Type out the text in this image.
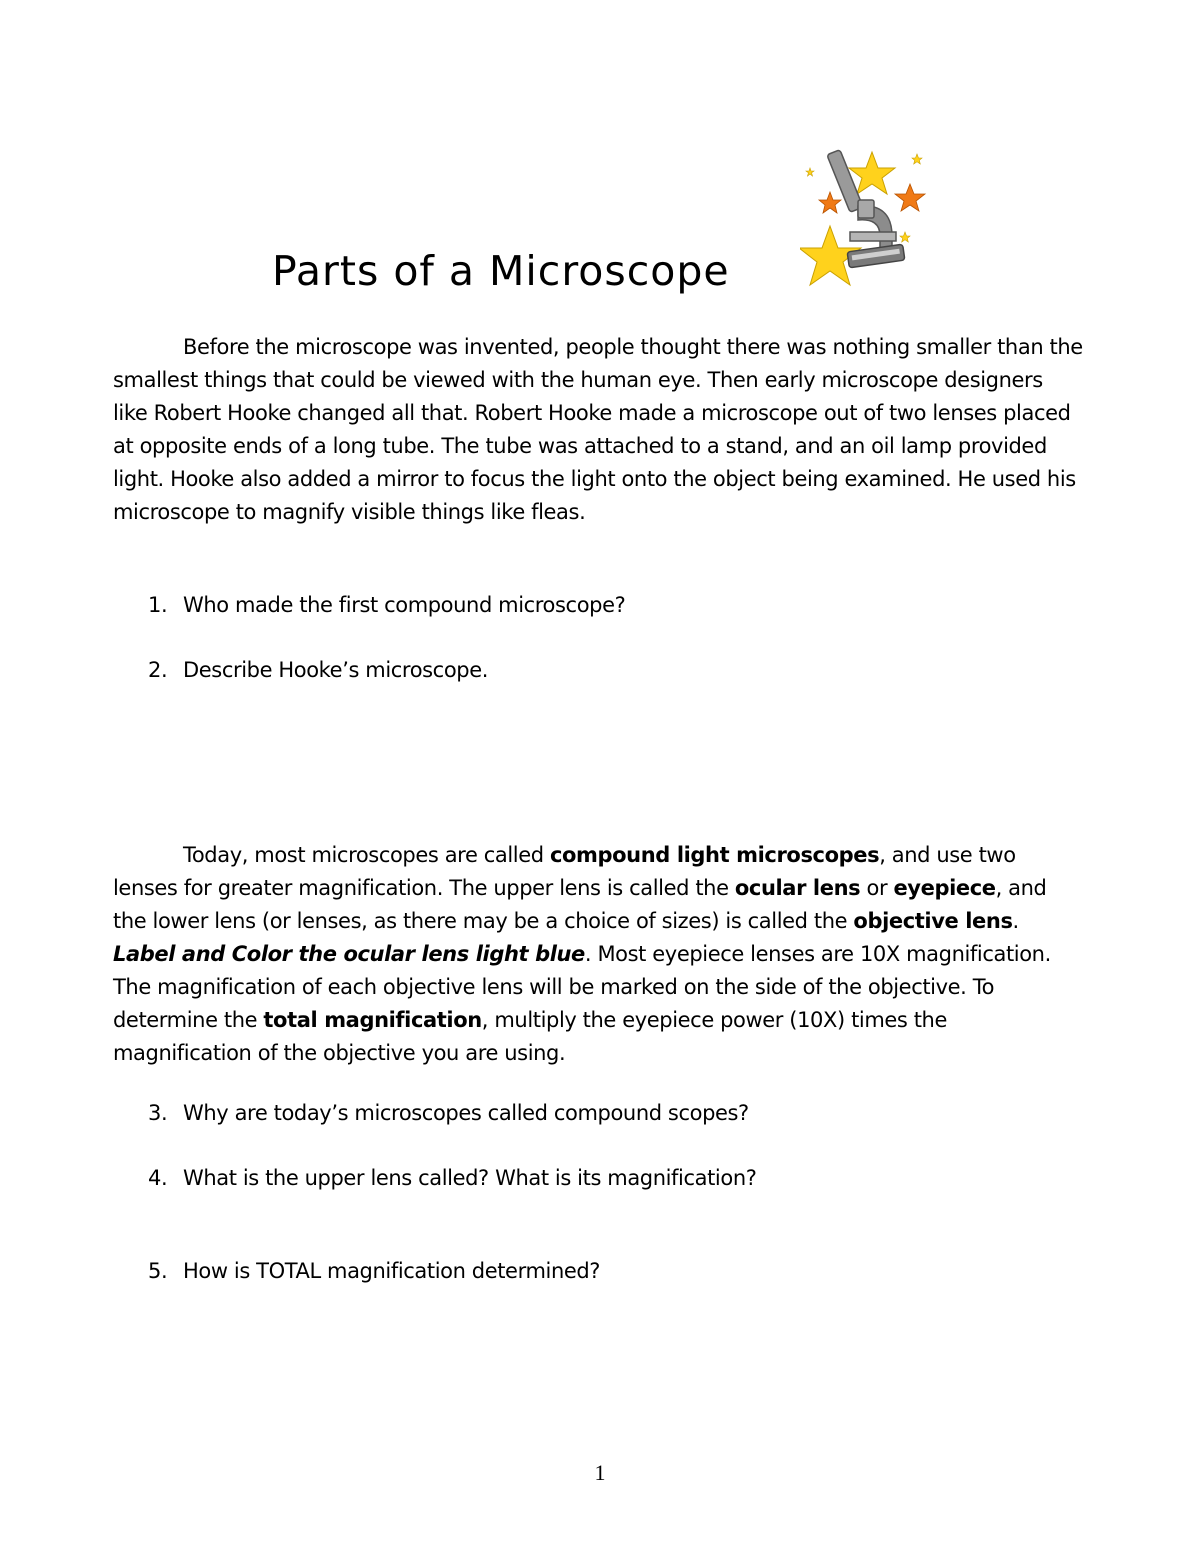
Parts of a Microscope

Before the microscope was invented, people thought there was nothing smaller than the smallest things that could be viewed with the human eye. Then early microscope designers like Robert Hooke changed all that. Robert Hooke made a microscope out of two lenses placed at opposite ends of a long tube. The tube was attached to a stand, and an oil lamp provided light. Hooke also added a mirror to focus the light onto the object being examined. He used his microscope to magnify visible things like fleas.

1. Who made the first compound microscope?

2. Describe Hooke’s microscope.

Today, most microscopes are called compound light microscopes, and use two lenses for greater magnification. The upper lens is called the ocular lens or eyepiece, and the lower lens (or lenses, as there may be a choice of sizes) is called the objective lens. Label and Color the ocular lens light blue. Most eyepiece lenses are 10X magnification. The magnification of each objective lens will be marked on the side of the objective. To determine the total magnification, multiply the eyepiece power (10X) times the magnification of the objective you are using.

3. Why are today’s microscopes called compound scopes?

4. What is the upper lens called? What is its magnification?

5. How is TOTAL magnification determined?

1
